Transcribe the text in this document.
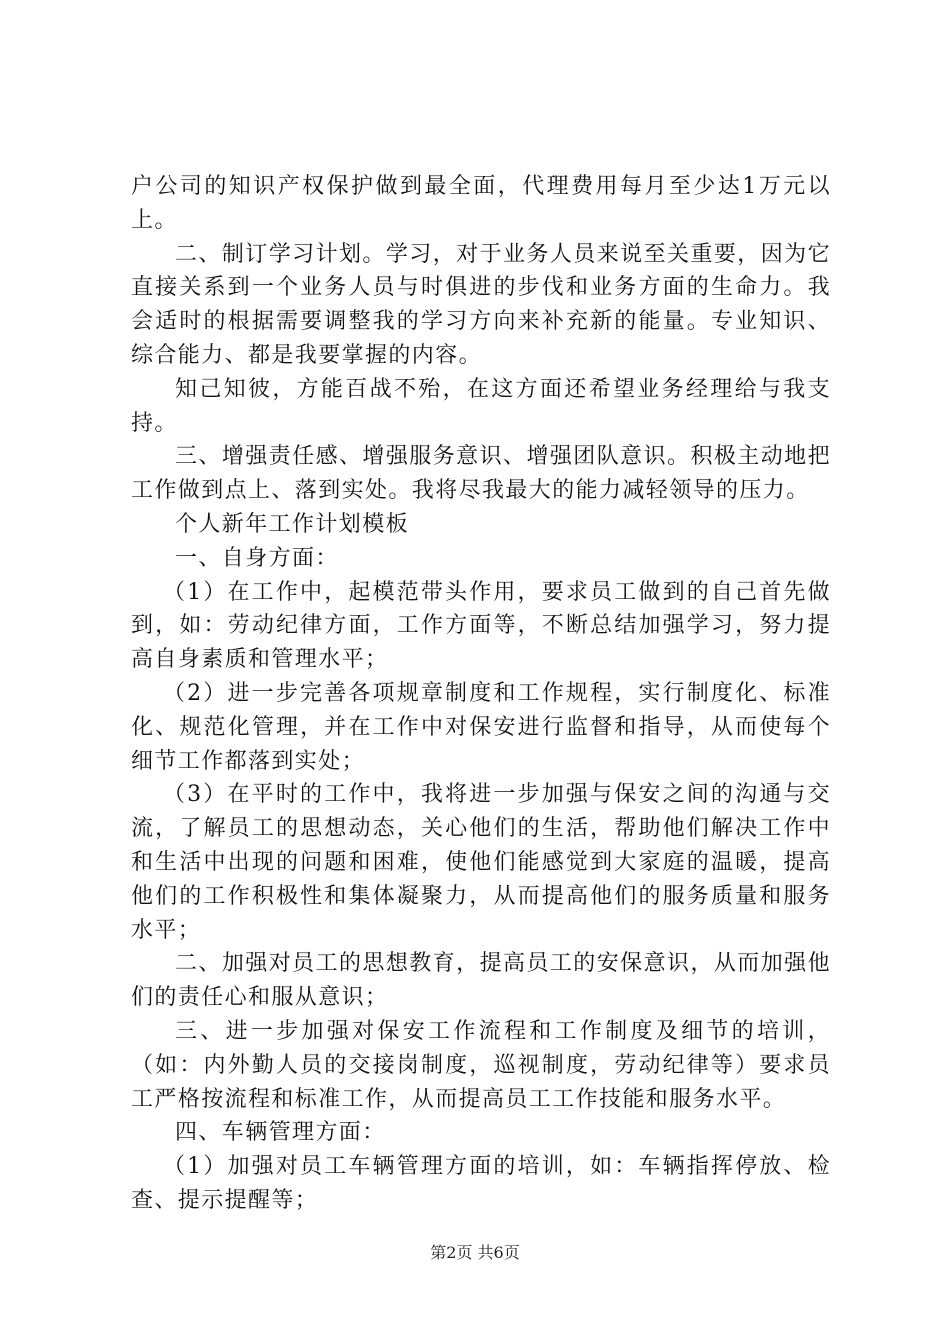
户公司的知识产权保护做到最全面，代理费用每月至少达1万元以上。

二、制订学习计划。学习，对于业务人员来说至关重要，因为它直接关系到一个业务人员与时俱进的步伐和业务方面的生命力。我会适时的根据需要调整我的学习方向来补充新的能量。专业知识、综合能力、都是我要掌握的内容。

知己知彼，方能百战不殆，在这方面还希望业务经理给与我支持。

三、增强责任感、增强服务意识、增强团队意识。积极主动地把工作做到点上、落到实处。我将尽我最大的能力减轻领导的压力。

个人新年工作计划模板

一、自身方面：

（1）在工作中，起模范带头作用，要求员工做到的自己首先做到，如：劳动纪律方面，工作方面等，不断总结加强学习，努力提高自身素质和管理水平；

（2）进一步完善各项规章制度和工作规程，实行制度化、标准化、规范化管理，并在工作中对保安进行监督和指导，从而使每个细节工作都落到实处；

（3）在平时的工作中，我将进一步加强与保安之间的沟通与交流，了解员工的思想动态，关心他们的生活，帮助他们解决工作中和生活中出现的问题和困难，使他们能感觉到大家庭的温暖，提高他们的工作积极性和集体凝聚力，从而提高他们的服务质量和服务水平；

二、加强对员工的思想教育，提高员工的安保意识，从而加强他们的责任心和服从意识；

三、进一步加强对保安工作流程和工作制度及细节的培训，（如：内外勤人员的交接岗制度，巡视制度，劳动纪律等）要求员工严格按流程和标准工作，从而提高员工工作技能和服务水平。

四、车辆管理方面：

（1）加强对员工车辆管理方面的培训，如：车辆指挥停放、检查、提示提醒等；

第2页 共6页
